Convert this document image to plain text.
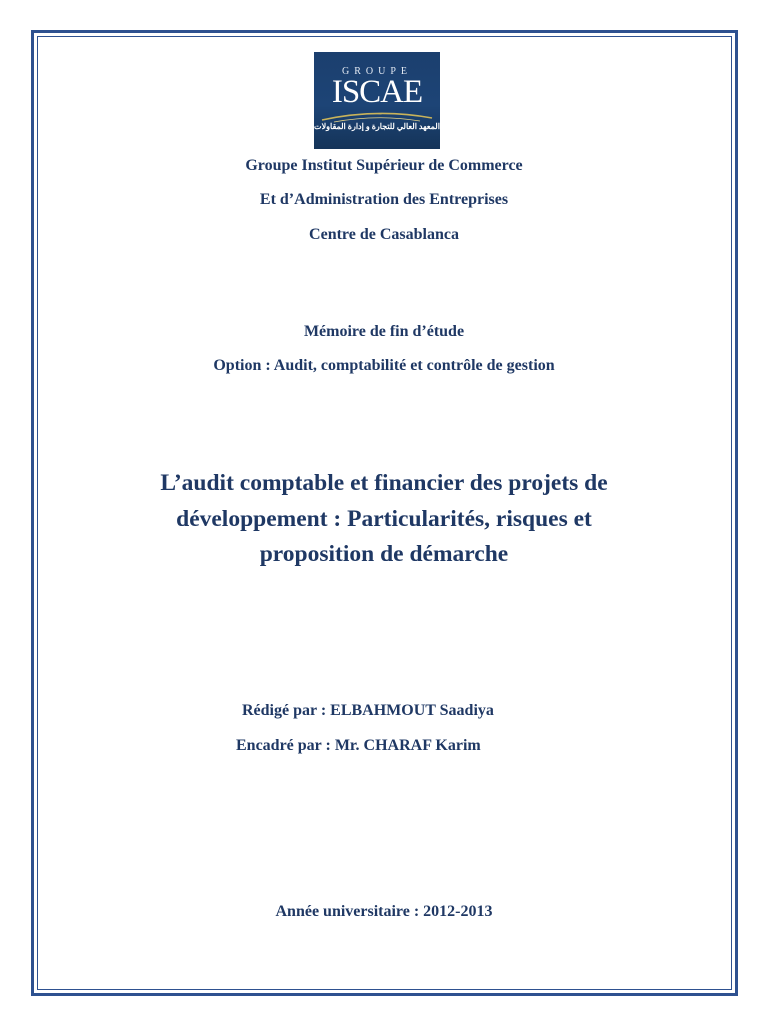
GROUPE
ISCAE
المعهد العالي للتجارة و إدارة المقاولات
Groupe Institut Supérieur de Commerce
Et d’Administration des Entreprises
Centre de Casablanca
Mémoire de fin d’étude
Option : Audit, comptabilité et contrôle de gestion
L’audit comptable et financier des projets de
développement : Particularités, risques et
proposition de démarche
Rédigé par : ELBAHMOUT Saadiya
Encadré par : Mr. CHARAF Karim
Année universitaire : 2012-2013
